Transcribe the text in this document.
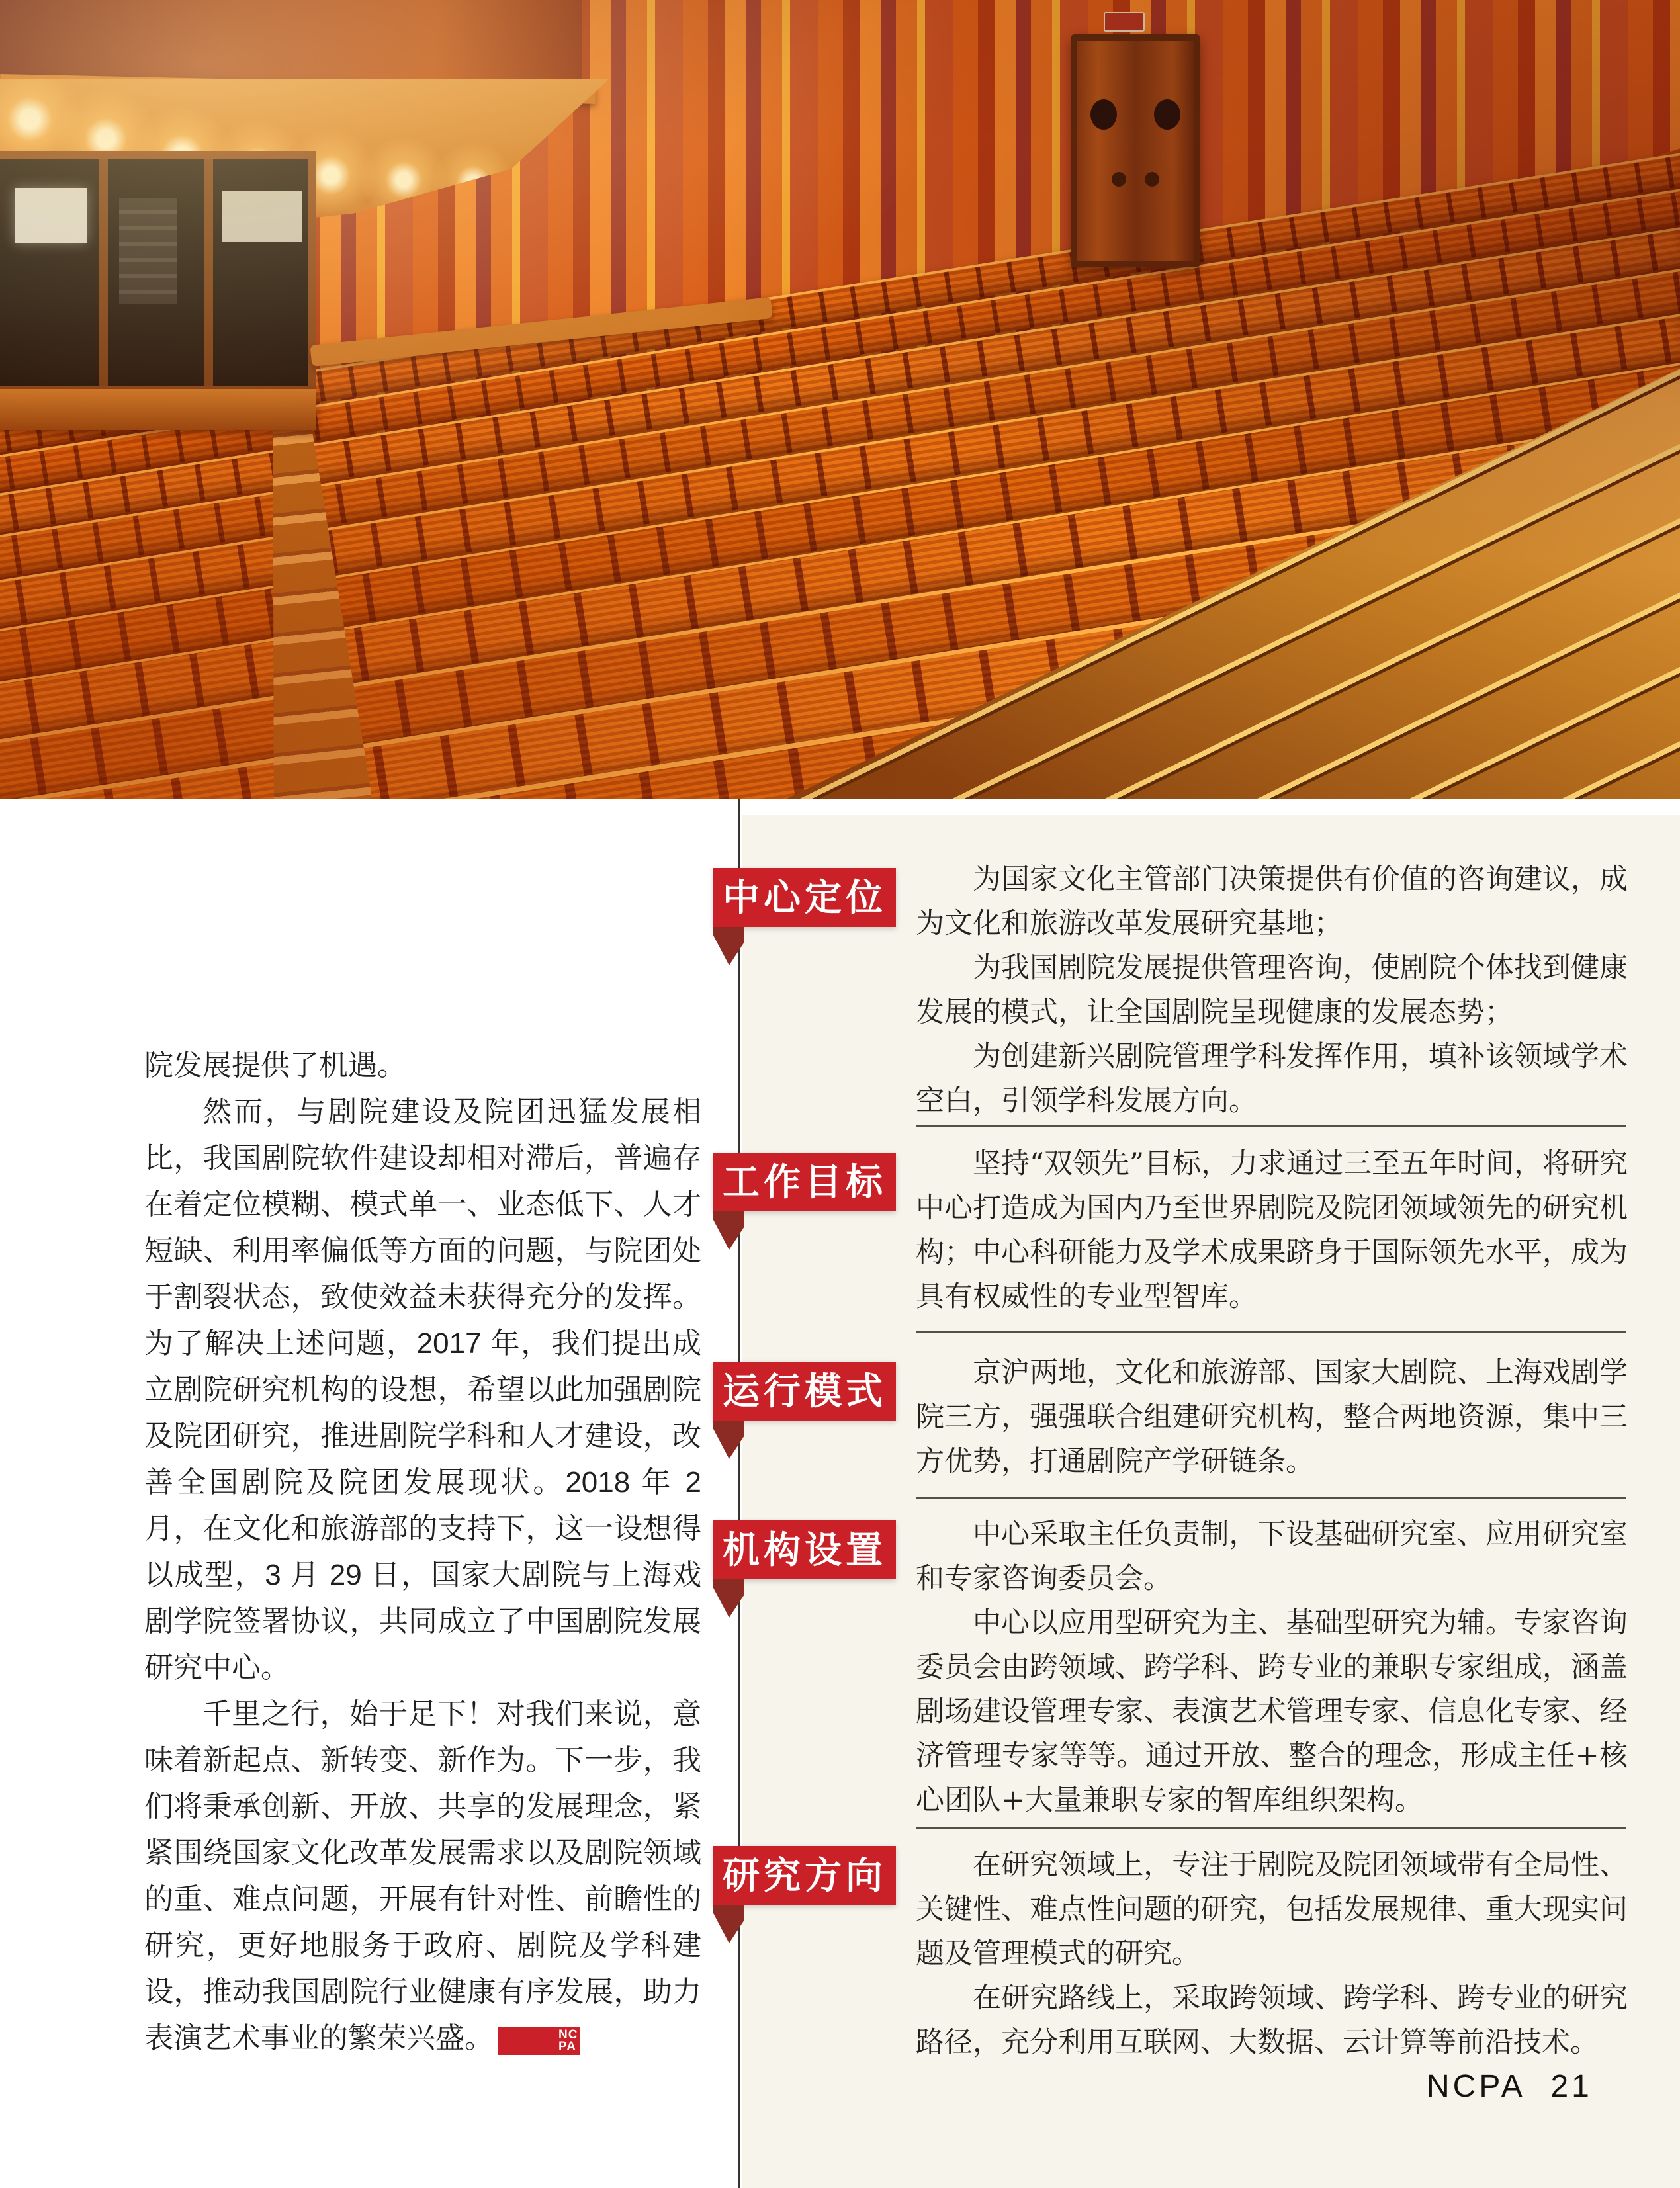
院发展提供了机遇。

然而，与剧院建设及院团迅猛发展相比，我国剧院软件建设却相对滞后，普遍存在着定位模糊、模式单一、业态低下、人才短缺、利用率偏低等方面的问题，与院团处于割裂状态，致使效益未获得充分的发挥。为了解决上述问题，2017 年，我们提出成立剧院研究机构的设想，希望以此加强剧院及院团研究，推进剧院学科和人才建设，改善全国剧院及院团发展现状。2018 年 2 月，在文化和旅游部的支持下，这一设想得以成型，3 月 29 日，国家大剧院与上海戏剧学院签署协议，共同成立了中国剧院发展研究中心。

千里之行，始于足下！对我们来说，意味着新起点、新转变、新作为。下一步，我们将秉承创新、开放、共享的发展理念，紧紧围绕国家文化改革发展需求以及剧院领域的重、难点问题，开展有针对性、前瞻性的研究，更好地服务于政府、剧院及学科建设，推动我国剧院行业健康有序发展，助力表演艺术事业的繁荣兴盛。	NC
PA

中心定位
工作目标
运行模式
机构设置
研究方向

为国家文化主管部门决策提供有价值的咨询建议，成为文化和旅游改革发展研究基地；

为我国剧院发展提供管理咨询，使剧院个体找到健康发展的模式，让全国剧院呈现健康的发展态势；

为创建新兴剧院管理学科发挥作用，填补该领域学术空白，引领学科发展方向。

坚持“双领先”目标，力求通过三至五年时间，将研究中心打造成为国内乃至世界剧院及院团领域领先的研究机构；中心科研能力及学术成果跻身于国际领先水平，成为具有权威性的专业型智库。

京沪两地，文化和旅游部、国家大剧院、上海戏剧学院三方，强强联合组建研究机构，整合两地资源，集中三方优势，打通剧院产学研链条。

中心采取主任负责制，下设基础研究室、应用研究室和专家咨询委员会。

中心以应用型研究为主、基础型研究为辅。专家咨询委员会由跨领域、跨学科、跨专业的兼职专家组成，涵盖剧场建设管理专家、表演艺术管理专家、信息化专家、经济管理专家等等。通过开放、整合的理念，形成主任+核心团队+大量兼职专家的智库组织架构。

在研究领域上，专注于剧院及院团领域带有全局性、关键性、难点性问题的研究，包括发展规律、重大现实问题及管理模式的研究。

在研究路线上，采取跨领域、跨学科、跨专业的研究路径，充分利用互联网、大数据、云计算等前沿技术。

NCPA 21
